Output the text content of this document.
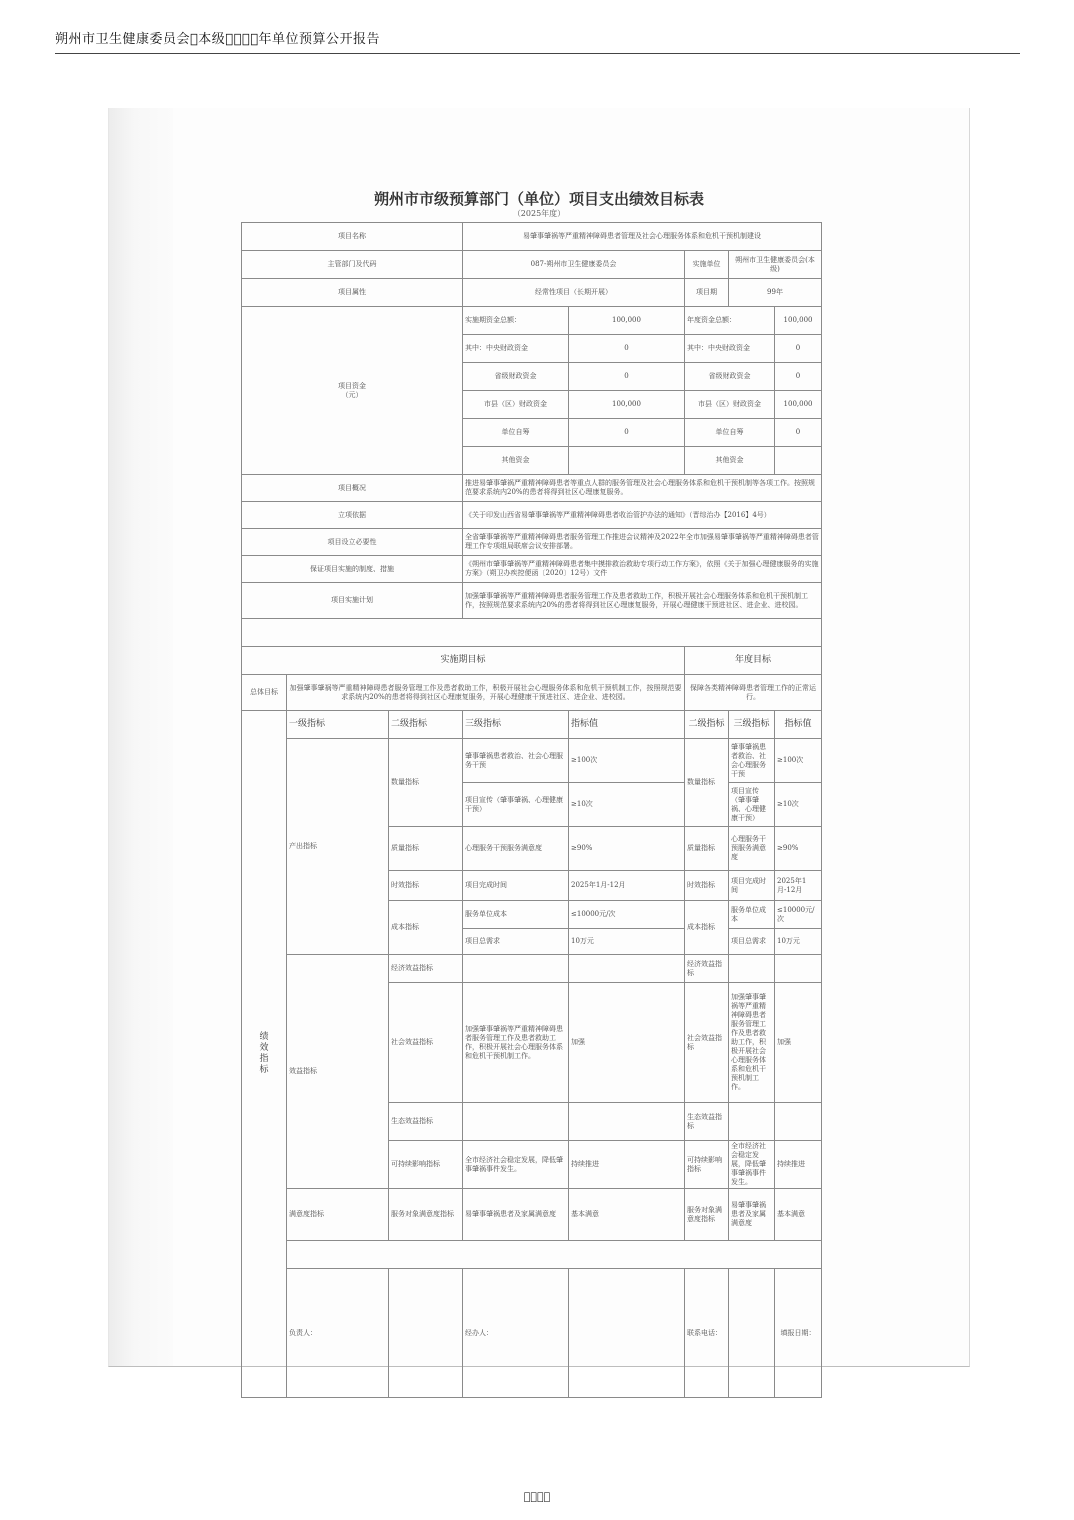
朔州市卫生健康委员会 本级    年单位预算公开报告
朔州市市级预算部门（单位）项目支出绩效目标表
（2025年度）
项目名称			易肇事肇祸等严重精神障碍患者管理及社会心理服务体系和危机干预机制建设					
主管部门及代码			087-朔州市卫生健康委员会		实施单位	朔州市卫生健康委员会(本级)		
项目属性			经常性项目（长期开展）		项目期	99年		
项目资金
（元）			实施期资金总额：	100,000	年度资金总额：		100,000	
			其中：中央财政资金	0	其中：中央财政资金		0	
			省级财政资金	0	省级财政资金		0	
			市县（区）财政资金	100,000	市县（区）财政资金		100,000	
			单位自筹	0	单位自筹		0	
			其他资金		其他资金			
项目概况			推进易肇事肇祸严重精神障碍患者等重点人群的服务管理及社会心理服务体系和危机干预机制等各项工作。按照规范要求系统内20%的患者将得到社区心理康复服务。					
立项依据			《关于印发山西省易肇事肇祸等严重精神障碍患者收治管护办法的通知》（晋综治办【2016】4号）					
项目设立必要性			全省肇事肇祸等严重精神障碍患者服务管理工作推进会议精神及2022年全市加强易肇事肇祸等严重精神障碍患者管理工作专项组局联席会议安排部署。					
保证项目实施的制度、措施			《朔州市肇事肇祸等严重精神障碍患者集中摸排救治救助专项行动工作方案》，依照《关于加强心理健康服务的实施方案》（朔卫办疾控便函〔2020〕12号）文件					
项目实施计划			加强肇事肇祸等严重精神障碍患者服务管理工作及患者救助工作，积极开展社会心理服务体系和危机干预机制工作，按照规范要求系统内20%的患者将得到社区心理康复服务，开展心理健康干预进社区、进企业、进校园。					

实施期目标					年度目标			
总体目标	加强肇事肇祸等严重精神障碍患者服务管理工作及患者救助工作，积极开展社会心理服务体系和危机干预机制工作，按照规范要求系统内20%的患者将得到社区心理康复服务，开展心理健康干预进社区、进企业、进校园。				保障各类精神障碍患者管理工作的正常运行。			
绩
效
指
标	一级指标	二级指标	三级指标	指标值	二级指标	三级指标	指标值	
	产出指标	数量指标	肇事肇祸患者救治、社会心理服务干预	≥100次	数量指标	肇事肇祸患者救治、社会心理服务干预	≥100次	
			项目宣传（肇事肇祸、心理健康干预）	≥10次		项目宣传（肇事肇祸、心理健康干预）	≥10次	
		质量指标	心理服务干预服务满意度	≥90%	质量指标	心理服务干预服务满意度	≥90%	
		时效指标	项目完成时间	2025年1月-12月	时效指标	项目完成时间	2025年1月-12月	
		成本指标	服务单位成本	≤10000元/次	成本指标	服务单位成本	≤10000元/次	
			项目总需求	10万元		项目总需求	10万元	
	效益指标	经济效益指标			经济效益指标			
		社会效益指标	加强肇事肇祸等严重精神障碍患者服务管理工作及患者救助工作，积极开展社会心理服务体系和危机干预机制工作。	加强	社会效益指标	加强肇事肇祸等严重精神障碍患者服务管理工作及患者救助工作，积极开展社会心理服务体系和危机干预机制工作。	加强	
		生态效益指标			生态效益指标			
		可持续影响指标	全市经济社会稳定发展，降低肇事肇祸事件发生。	持续推进	可持续影响指标	全市经济社会稳定发展，降低肇事肇祸事件发生。	持续推进	
	满意度指标	服务对象满意度指标	易肇事肇祸患者及家属满意度	基本满意	服务对象满意度指标	易肇事肇祸患者及家属满意度	基本满意	

	负责人：		经办人：		联系电话：		填报日期：	
    
